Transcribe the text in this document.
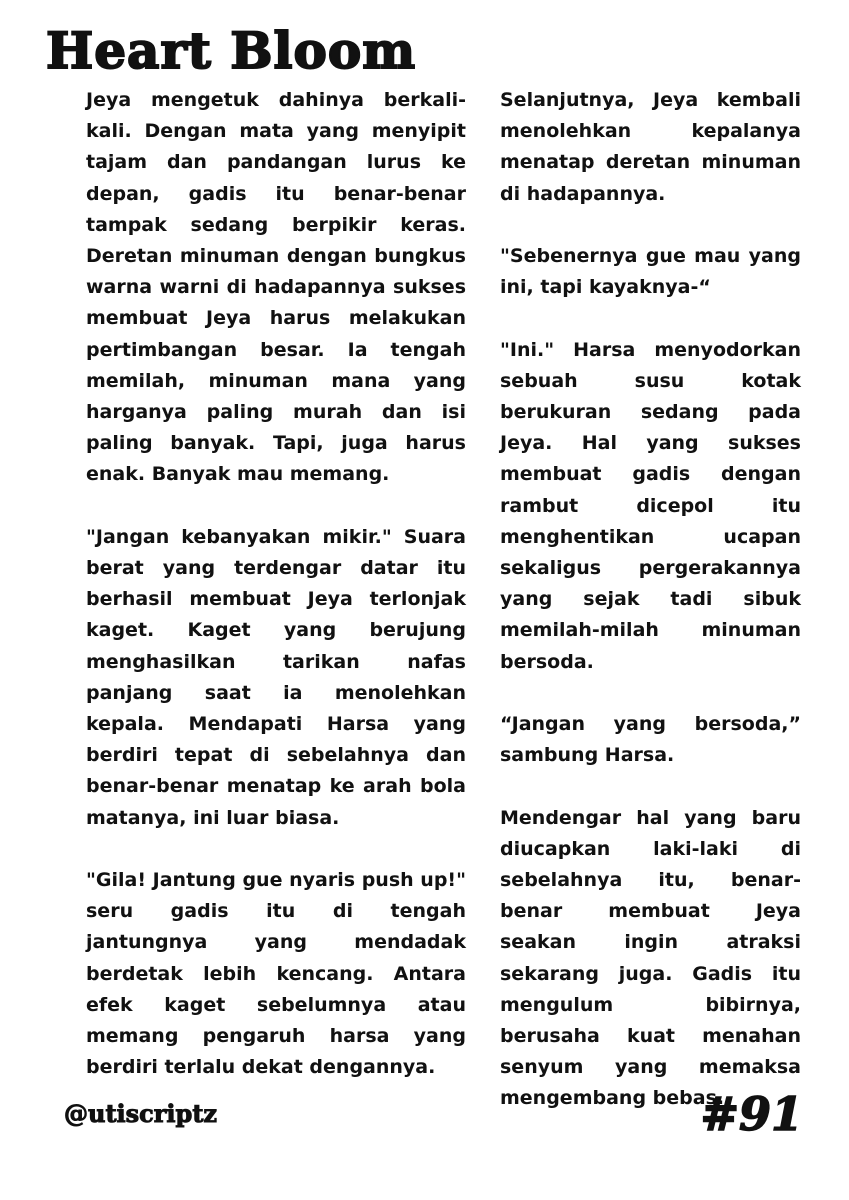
Heart Bloom

Jeya mengetuk dahinya berkali-kali. Dengan mata yang menyipit tajam dan pandangan lurus ke depan, gadis itu benar-benar tampak sedang berpikir keras. Deretan minuman dengan bungkus warna warni di hadapannya sukses membuat Jeya harus melakukan pertimbangan besar. Ia tengah memilah, minuman mana yang harganya paling murah dan isi paling banyak. Tapi, juga harus enak. Banyak mau memang.

"Jangan kebanyakan mikir." Suara berat yang terdengar datar itu berhasil membuat Jeya terlonjak kaget. Kaget yang berujung menghasilkan tarikan nafas panjang saat ia menolehkan kepala. Mendapati Harsa yang berdiri tepat di sebelahnya dan benar-benar menatap ke arah bola matanya, ini luar biasa.

"Gila! Jantung gue nyaris push up!" seru gadis itu di tengah jantungnya yang mendadak berdetak lebih kencang. Antara efek kaget sebelumnya atau memang pengaruh harsa yang berdiri terlalu dekat dengannya.

Selanjutnya, Jeya kembali menolehkan kepalanya menatap deretan minuman di hadapannya.

"Sebenernya gue mau yang ini, tapi kayaknya-“

"Ini." Harsa menyodorkan sebuah susu kotak berukuran sedang pada Jeya. Hal yang sukses membuat gadis dengan rambut dicepol itu menghentikan ucapan sekaligus pergerakannya yang sejak tadi sibuk memilah-milah minuman bersoda.

“Jangan yang bersoda,” sambung Harsa.

Mendengar hal yang baru diucapkan laki-laki di sebelahnya itu, benar-benar membuat Jeya seakan ingin atraksi sekarang juga. Gadis itu mengulum bibirnya, berusaha kuat menahan senyum yang memaksa mengembang bebas.

@utiscriptz	#91
